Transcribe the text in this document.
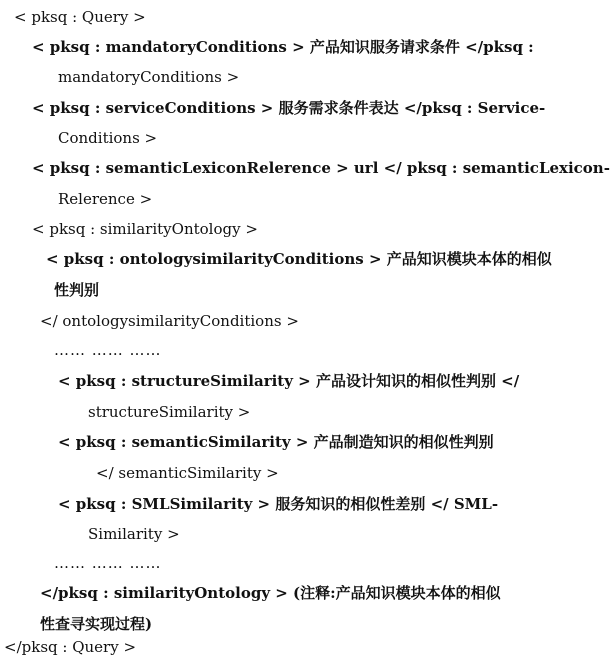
< pksq : Query >
< pksq : mandatoryConditions > 产品知识服务请求条件 </pksq :
mandatoryConditions >
< pksq : serviceConditions > 服务需求条件表达 </pksq : Service-
Conditions >
< pksq : semanticLexiconRelerence > url </ pksq : semanticLexicon-
Relerence >
< pksq : similarityOntology >
< pksq : ontologysimilarityConditions > 产品知识模块本体的相似
性判别
</ ontologysimilarityConditions >
…… …… ……
< pksq : structureSimilarity > 产品设计知识的相似性判别 </
structureSimilarity >
< pksq : semanticSimilarity > 产品制造知识的相似性判别
</ semanticSimilarity >
< pksq : SMLSimilarity > 服务知识的相似性差别 </ SML-
Similarity >
…… …… ……
</pksq : similarityOntology > (注释:产品知识模块本体的相似
性查寻实现过程)
</pksq : Query >
